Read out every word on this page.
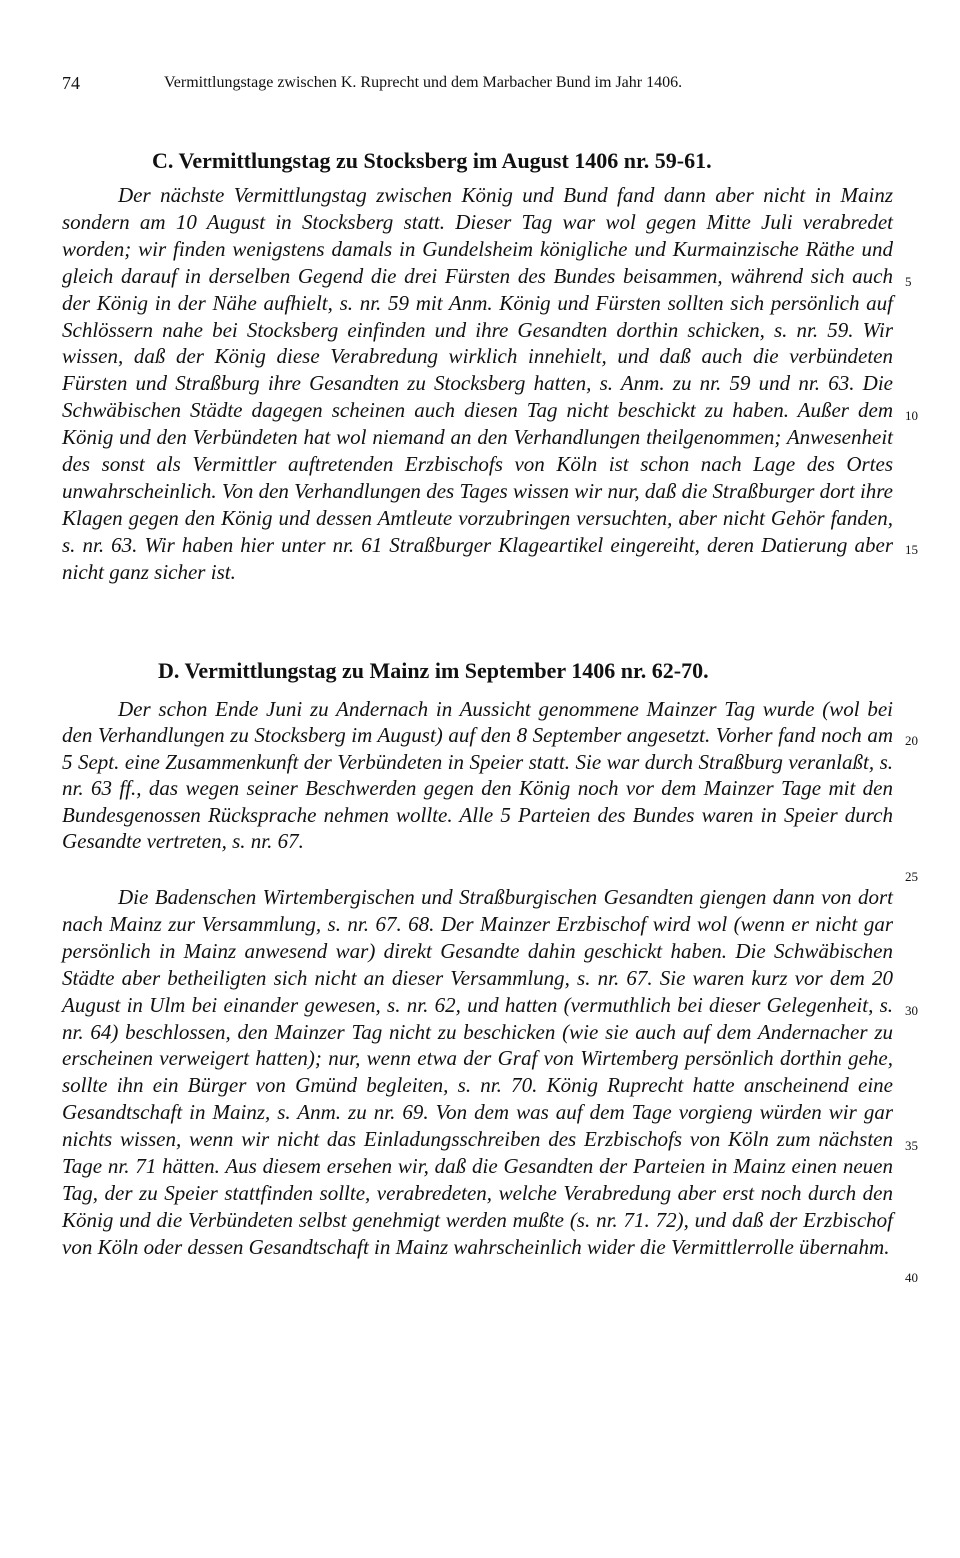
74	Vermittlungstage zwischen K. Ruprecht und dem Marbacher Bund im Jahr 1406.
C. Vermittlungstag zu Stocksberg im August 1406 nr. 59-61.

Der nächste Vermittlungstag zwischen König und Bund fand dann aber nicht in Mainz sondern am 10 August in Stocksberg statt. Dieser Tag war wol gegen Mitte Juli verabredet worden; wir finden wenigstens damals in Gundelsheim königliche und Kurmainzische Räthe und gleich darauf in derselben Gegend die drei Fürsten des Bundes beisammen, während sich auch der König in der Nähe aufhielt, s. nr. 59 mit Anm. König und Fürsten sollten sich persönlich auf Schlössern nahe bei Stocksberg einfinden und ihre Gesandten dorthin schicken, s. nr. 59. Wir wissen, daß der König diese Verabredung wirklich innehielt, und daß auch die verbündeten Fürsten und Straßburg ihre Gesandten zu Stocksberg hatten, s. Anm. zu nr. 59 und nr. 63. Die Schwäbischen Städte dagegen scheinen auch diesen Tag nicht beschickt zu haben. Außer dem König und den Verbündeten hat wol niemand an den Verhandlungen theilgenommen; Anwesenheit des sonst als Vermittler auftretenden Erzbischofs von Köln ist schon nach Lage des Ortes unwahrscheinlich. Von den Verhandlungen des Tages wissen wir nur, daß die Straßburger dort ihre Klagen gegen den König und dessen Amtleute vorzubringen versuchten, aber nicht Gehör fanden, s. nr. 63. Wir haben hier unter nr. 61 Straßburger Klageartikel eingereiht, deren Datierung aber nicht ganz sicher ist.

D. Vermittlungstag zu Mainz im September 1406 nr. 62-70.

Der schon Ende Juni zu Andernach in Aussicht genommene Mainzer Tag wurde (wol bei den Verhandlungen zu Stocksberg im August) auf den 8 September angesetzt. Vorher fand noch am 5 Sept. eine Zusammenkunft der Verbündeten in Speier statt. Sie war durch Straßburg veranlaßt, s. nr. 63 ff., das wegen seiner Beschwerden gegen den König noch vor dem Mainzer Tage mit den Bundesgenossen Rücksprache nehmen wollte. Alle 5 Parteien des Bundes waren in Speier durch Gesandte vertreten, s. nr. 67.

Die Badenschen Wirtembergischen und Straßburgischen Gesandten giengen dann von dort nach Mainz zur Versammlung, s. nr. 67. 68. Der Mainzer Erzbischof wird wol (wenn er nicht gar persönlich in Mainz anwesend war) direkt Gesandte dahin geschickt haben. Die Schwäbischen Städte aber betheiligten sich nicht an dieser Versammlung, s. nr. 67. Sie waren kurz vor dem 20 August in Ulm bei einander gewesen, s. nr. 62, und hatten (vermuthlich bei dieser Gelegenheit, s. nr. 64) beschlossen, den Mainzer Tag nicht zu beschicken (wie sie auch auf dem Andernacher zu erscheinen verweigert hatten); nur, wenn etwa der Graf von Wirtemberg persönlich dorthin gehe, sollte ihn ein Bürger von Gmünd begleiten, s. nr. 70. König Ruprecht hatte anscheinend eine Gesandtschaft in Mainz, s. Anm. zu nr. 69. Von dem was auf dem Tage vorgieng würden wir gar nichts wissen, wenn wir nicht das Einladungsschreiben des Erzbischofs von Köln zum nächsten Tage nr. 71 hätten. Aus diesem ersehen wir, daß die Gesandten der Parteien in Mainz einen neuen Tag, der zu Speier stattfinden sollte, verabredeten, welche Verabredung aber erst noch durch den König und die Verbündeten selbst genehmigt werden mußte (s. nr. 71. 72), und daß der Erzbischof von Köln oder dessen Gesandtschaft in Mainz wahrscheinlich wider die Vermittlerrolle übernahm.

5
10
15
20
25
30
35
40
